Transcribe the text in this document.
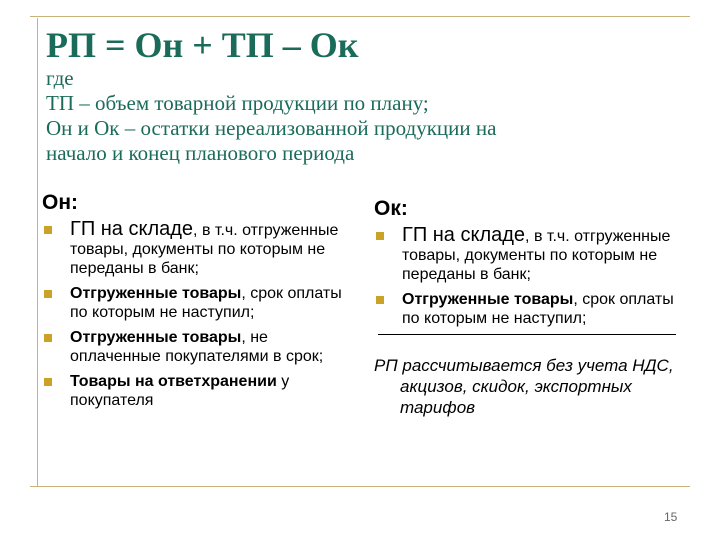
РП = Он + ТП – Ок
где
ТП – объем товарной продукции по плану;
Он и Ок – остатки нереализованной продукции на
начало и конец планового периода
Он:
ГП на складе, в т.ч. отгруженные товары, документы по которым не переданы в банк;
Отгруженные товары, срок оплаты по которым не наступил;
Отгруженные товары, не оплаченные покупателями в срок;
Товары на ответхранении у покупателя
Ок:
ГП на складе, в т.ч. отгруженные товары, документы по которым не переданы в банк;
Отгруженные товары, срок оплаты по которым не наступил;
РП рассчитывается без учета НДС, акцизов, скидок, экспортных тарифов
15
